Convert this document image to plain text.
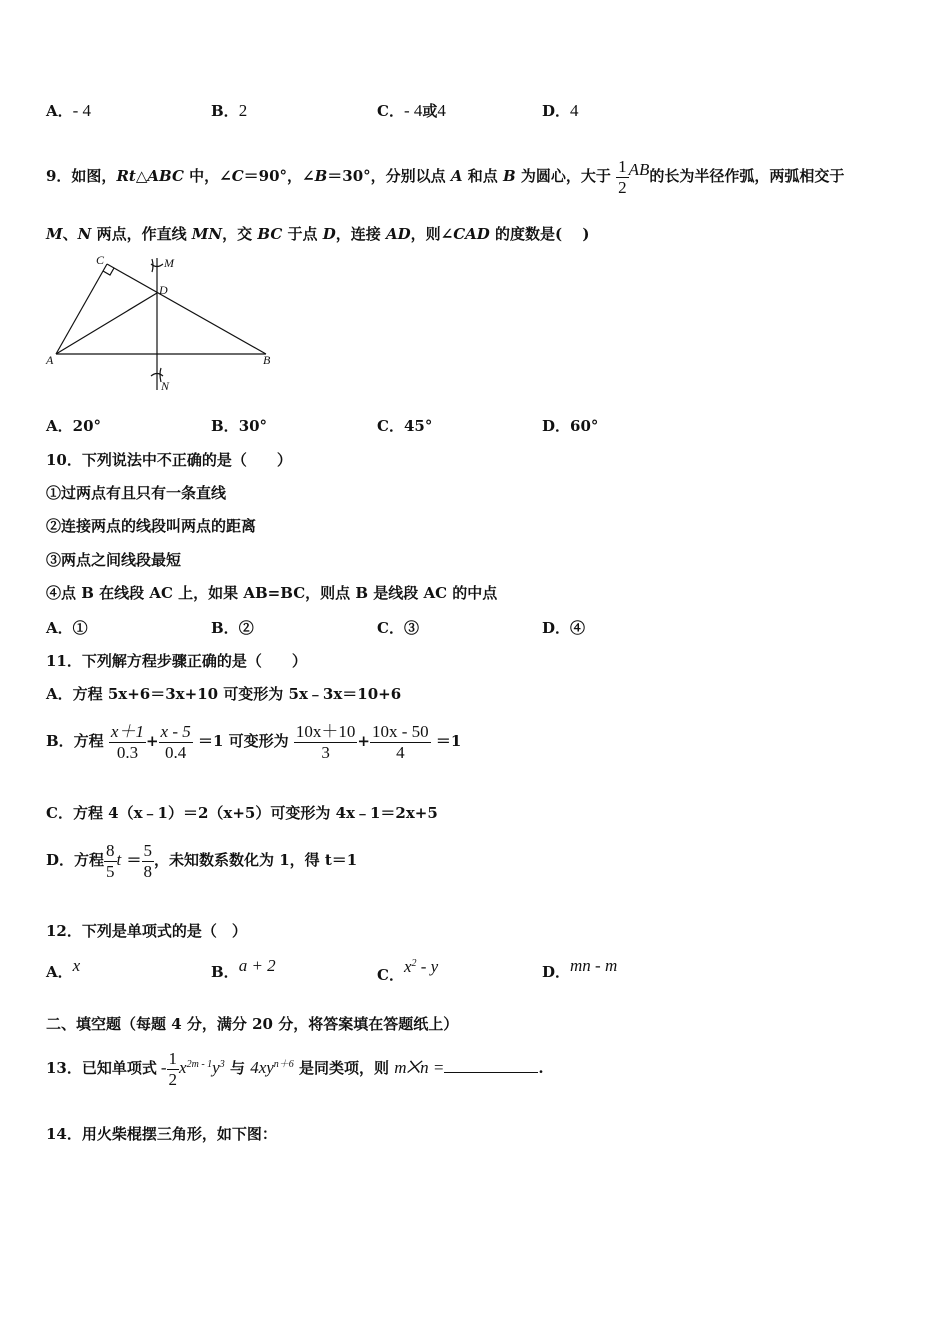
A．- 4	B．2	C．- 4或4	D．4
9．如图，Rt△ABC 中，∠C＝90°，∠B＝30°，分别以点 A 和点 B 为圆心，大于 $\frac{1}{2}$ AB的长为半径作弧，两弧相交于
M、N 两点，作直线 MN，交 BC 于点 D，连接 AD，则∠CAD 的度数是(　 )
C	M
D
A	B
N
A．20°	B．30°	C．45°	D．60°
10．下列说法中不正确的是（　　）
①过两点有且只有一条直线
②连接两点的线段叫两点的距离
③两点之间线段最短
④点 B 在线段 AC 上，如果 AB=BC，则点 B 是线段 AC 的中点
A．①	B．②	C．③	D．④
11．下列解方程步骤正确的是（　　）
A．方程 5x+6＝3x+10 可变形为 5x﹣3x＝10+6
B．方程 $\frac{x+1}{0.3} + \frac{x - 5}{0.4} =1$ 可变形为 $\frac{10x+10}{3} + \frac{10x - 50}{4} =1$
C．方程 4（x﹣1）＝2（x+5）可变形为 4x﹣1＝2x+5
D．方程 $\frac{8}{5}$ $t = \frac{5}{8}$ ，未知数系数化为 1，得 t＝1
12．下列是单项式的是（　）
A．x	B．a + 2	C．$x^2$ - y	D．mn - m
二、填空题（每题 4 分，满分 20 分，将答案填在答题纸上）
13．已知单项式 - $\frac{1}{2} x^{2m - 1}y^3$ 与 $4xy^{n+6}$ 是同类项，则 m⨉n =	.
14．用火柴棍摆三角形，如下图：
